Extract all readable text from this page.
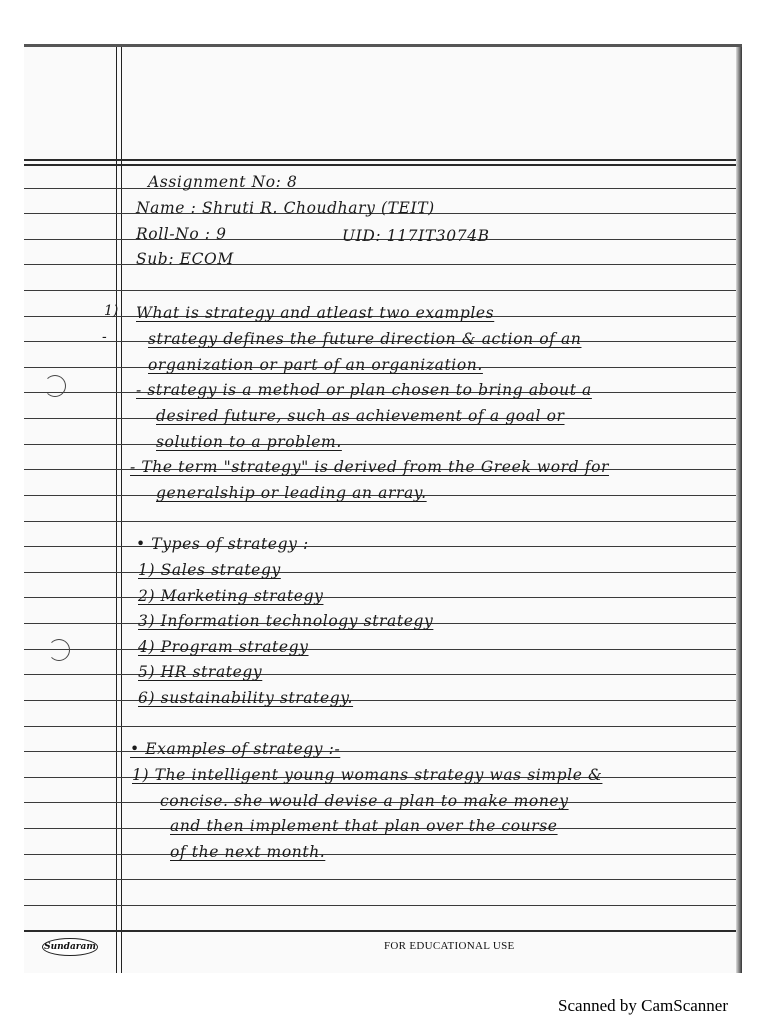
Assignment No: 8
Name : Shruti R. Choudhary (TEIT)
Roll-No : 9	UID: 117IT3074B
Sub: ECOM
1)
-
What is strategy and atleast two examples
strategy defines the future direction & action of an
organization or part of an organization.
- strategy is a method or plan chosen to bring about a
desired future, such as achievement of a goal or
solution to a problem.
- The term "strategy" is derived from the Greek word for
generalship or leading an array.
• Types of strategy :
1) Sales strategy
2) Marketing strategy
3) Information technology strategy
4) Program strategy
5) HR strategy
6) sustainability strategy.
• Examples of strategy :-
1) The intelligent young womans strategy was simple &
concise. she would devise a plan to make money
and then implement that plan over the course
of the next month.
Sundaram	FOR EDUCATIONAL USE
Scanned by CamScanner
